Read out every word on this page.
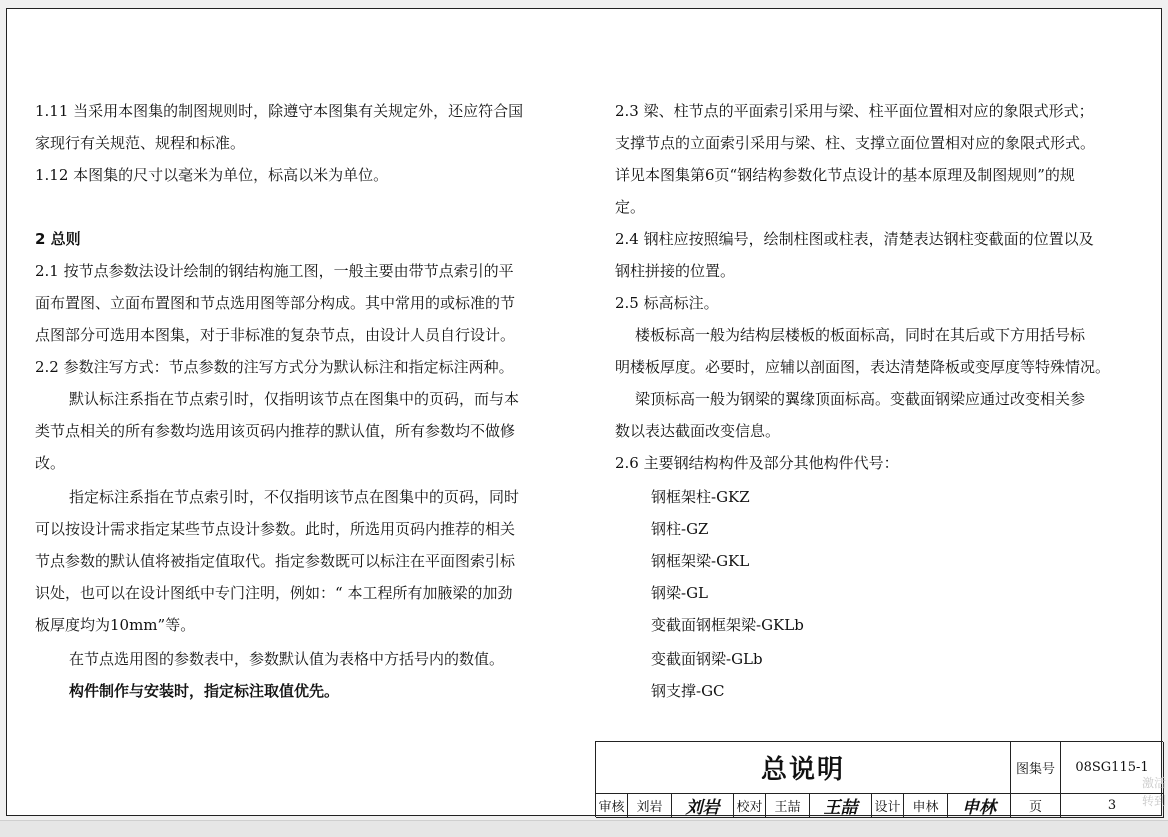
1.11 当采用本图集的制图规则时，除遵守本图集有关规定外，还应符合国
家现行有关规范、规程和标准。
1.12 本图集的尺寸以毫米为单位，标高以米为单位。
2 总则
2.1 按节点参数法设计绘制的钢结构施工图，一般主要由带节点索引的平
面布置图、立面布置图和节点选用图等部分构成。其中常用的或标准的节
点图部分可选用本图集，对于非标准的复杂节点，由设计人员自行设计。
2.2 参数注写方式：节点参数的注写方式分为默认标注和指定标注两种。
默认标注系指在节点索引时，仅指明该节点在图集中的页码，而与本
类节点相关的所有参数均选用该页码内推荐的默认值，所有参数均不做修
改。
指定标注系指在节点索引时，不仅指明该节点在图集中的页码，同时
可以按设计需求指定某些节点设计参数。此时，所选用页码内推荐的相关
节点参数的默认值将被指定值取代。指定参数既可以标注在平面图索引标
识处，也可以在设计图纸中专门注明，例如：“ 本工程所有加腋梁的加劲
板厚度均为10mm”等。
在节点选用图的参数表中，参数默认值为表格中方括号内的数值。
构件制作与安装时，指定标注取值优先。
2.3 梁、柱节点的平面索引采用与梁、柱平面位置相对应的象限式形式；
支撑节点的立面索引采用与梁、柱、支撑立面位置相对应的象限式形式。
详见本图集第6页“钢结构参数化节点设计的基本原理及制图规则”的规
定。
2.4 钢柱应按照编号，绘制柱图或柱表，清楚表达钢柱变截面的位置以及
钢柱拼接的位置。
2.5 标高标注。
楼板标高一般为结构层楼板的板面标高，同时在其后或下方用括号标
明楼板厚度。必要时，应辅以剖面图，表达清楚降板或变厚度等特殊情况。
梁顶标高一般为钢梁的翼缘顶面标高。变截面钢梁应通过改变相关参
数以表达截面改变信息。
2.6 主要钢结构构件及部分其他构件代号：
钢框架柱-GKZ
钢柱-GZ
钢框架梁-GKL
钢梁-GL
变截面钢框架梁-GKLb
变截面钢梁-GLb
钢支撑-GC
总说明	图集号	08SG115-1
审核 刘岩	刘岩	校对 王喆	王喆	设计 申林	申林	页	3
激活
转到
